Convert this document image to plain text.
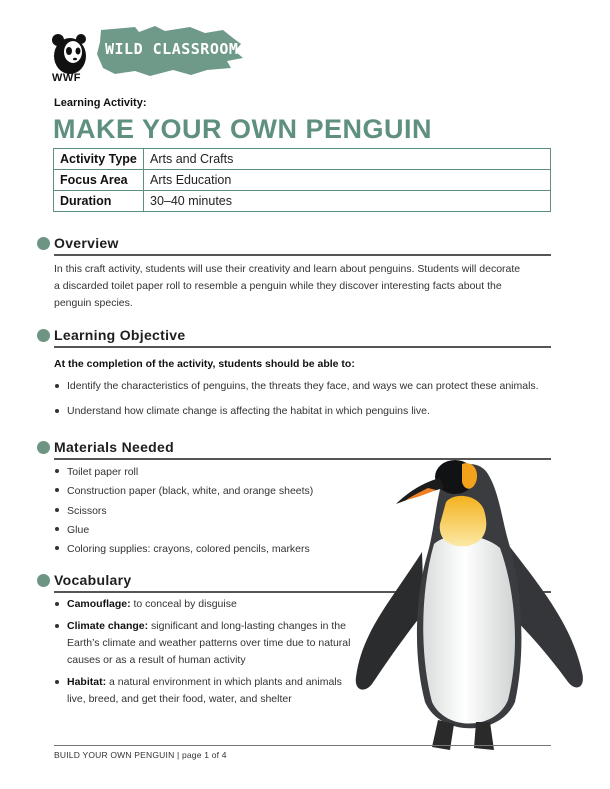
WWF
WILD CLASSROOM
Learning Activity:
MAKE YOUR OWN PENGUIN
Activity Type	Arts and Crafts
Focus Area	Arts Education
Duration	30–40 minutes
Overview
In this craft activity, students will use their creativity and learn about penguins. Students will decorate
a discarded toilet paper roll to resemble a penguin while they discover interesting facts about the
penguin species.
Learning Objective
At the completion of the activity, students should be able to:
Identify the characteristics of penguins, the threats they face, and ways we can protect these animals.
Understand how climate change is affecting the habitat in which penguins live.
Materials Needed
Toilet paper roll
Construction paper (black, white, and orange sheets)
Scissors
Glue
Coloring supplies: crayons, colored pencils, markers
Vocabulary
Camouflage: to conceal by disguise
Climate change: significant and long-lasting changes in the Earth’s climate and weather patterns over time due to natural causes or as a result of human activity
Habitat: a natural environment in which plants and animals live, breed, and get their food, water, and shelter
BUILD YOUR OWN PENGUIN | page 1 of 4
